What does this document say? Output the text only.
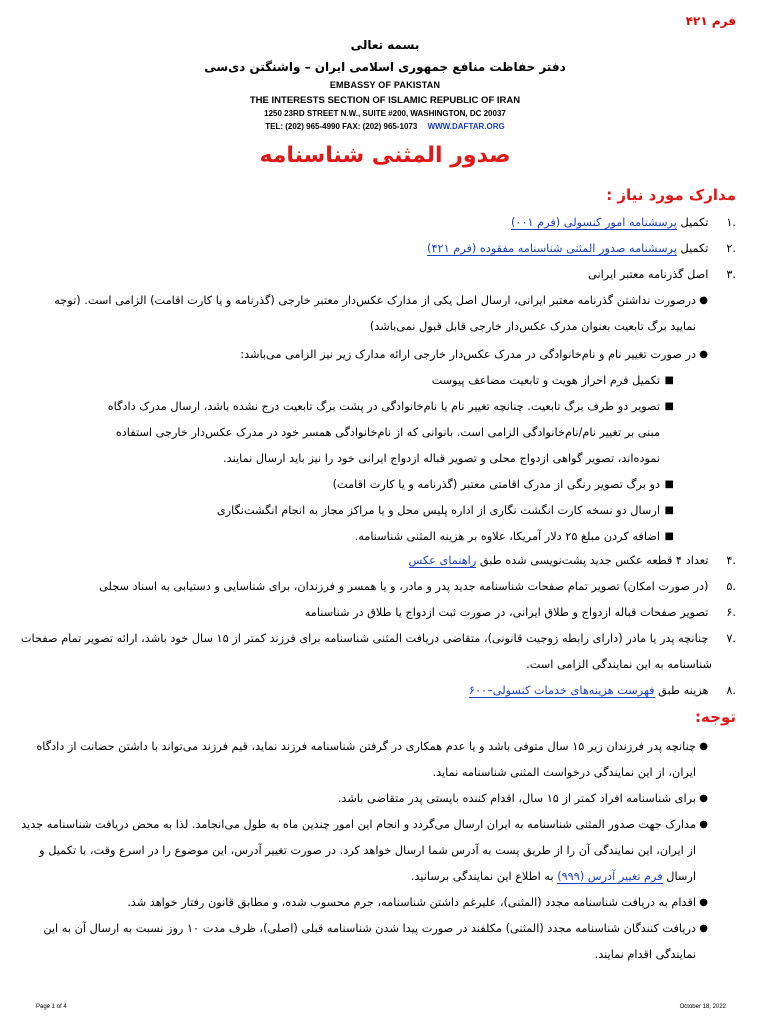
فرم ۴۲۱
بسمه تعالی
دفتر حفاظت منافع جمهوری اسلامی ایران – واشنگتن دی‌سی
EMBASSY OF PAKISTAN
THE INTERESTS SECTION OF ISLAMIC REPUBLIC OF IRAN
1250 23RD STREET N.W., SUITE #200, WASHINGTON, DC 20037
TEL: (202) 965-4990 FAX: (202) 965-1073 WWW.DAFTAR.ORG
صدور المثنی شناسنامه
مدارک مورد نیاز :
.۱ تکمیل پرسشنامه امور کنسولی (فرم ۰۰۱)
.۲ تکمیل پرسشنامه صدور المثنی شناسنامه مفقوده (فرم ۴۲۱)
.۳ اصل گذرنامه معتبر ایرانی
●
درصورت نداشتن گذرنامه معتبر ایرانی، ارسال اصل یکی از مدارک عکس‌دار معتبر خارجی (گذرنامه و یا کارت اقامت) الزامی است. (توجه
نمایید برگ تابعیت بعنوان مدرک عکس‌دار خارجی قابل قبول نمی‌باشد)
●
در صورت تغییر نام و نام‌خانوادگی در مدرک عکس‌دار خارجی ارائه مدارک زیر نیز الزامی می‌باشد:
■
تکمیل فرم احراز هویت و تابعیت مضاعف پیوست
■
تصویر دو طرف برگ تابعیت. چنانچه تغییر نام یا نام‌خانوادگی در پشت برگ تابعیت درج نشده باشد، ارسال مدرک دادگاه
مبنی بر تغییر نام/نام‌خانوادگی الزامی است. بانوانی که از نام‌خانوادگی همسر خود در مدرک عکس‌دار خارجی استفاده
نموده‌اند، تصویر گواهی ازدواج محلی و تصویر قباله ازدواج ایرانی خود را نیز باید ارسال نمایند.
■
دو برگ تصویر رنگی از مدرک اقامتی معتبر (گذرنامه و یا کارت اقامت)
■
ارسال دو نسخه کارت انگشت نگاری از اداره پلیس محل و یا مراکز مجاز به انجام انگشت‌نگاری
■
اضافه کردن مبلغ ۲۵ دلار آمریکا، علاوه بر هزینه المثنی شناسنامه.
.۴ تعداد ۴ قطعه عکس جدید پشت‌نویسی شده طبق راهنمای عکس
.۵ (در صورت امکان) تصویر تمام صفحات شناسنامه جدید پدر و مادر، و یا همسر و فرزندان، برای شناسایی و دستیابی به اسناد سجلی
.۶ تصویر صفحات قباله ازدواج و طلاق ایرانی، در صورت ثبت ازدواج یا طلاق در شناسنامه
.۷ چنانچه پدر یا مادر (دارای رابطه زوجیت قانونی)، متقاضی دریافت المثنی شناسنامه برای فرزند کمتر از ۱۵ سال خود باشد، ارائه تصویر تمام صفحات
شناسنامه به این نمایندگی الزامی است.
.۸ هزینه طبق فهرست هزینه‌های خدمات کنسولی–۶۰۰
توجه:
●
چنانچه پدر فرزندان زیر ۱۵ سال متوفی باشد و یا عدم همکاری در گرفتن شناسنامه فرزند نماید، قیم فرزند می‌تواند با داشتن حضانت از دادگاه
ایران، از این نمایندگی درخواست المثنی شناسنامه نماید.
●
برای شناسنامه افراد کمتر از ۱۵ سال، اقدام کننده بایستی پدر متقاضی باشد.
●
مدارک جهت صدور المثنی شناسنامه به ایران ارسال می‌گردد و انجام این امور چندین ماه به طول می‌انجامد. لذا به محض دریافت شناسنامه جدید
از ایران، این نمایندگی آن را از طریق پست به آدرس شما ارسال خواهد کرد. در صورت تغییر آدرس، این موضوع را در اسرع وقت، با تکمیل و
ارسال فرم تغییر آدرس (۹۹۹) به اطلاع این نمایندگی برسانید.
●
اقدام به دریافت شناسنامه مجدد (المثنی)، علیرغم داشتن شناسنامه، جرم محسوب شده، و مطابق قانون رفتار خواهد شد.
●
دریافت کنندگان شناسنامه مجدد (المثنی) مکلفند در صورت پیدا شدن شناسنامه قبلی (اصلی)، ظرف مدت ۱۰ روز نسبت به ارسال آن به این
نمایندگی اقدام نمایند.
Page 1 of 4	October 18, 2022
